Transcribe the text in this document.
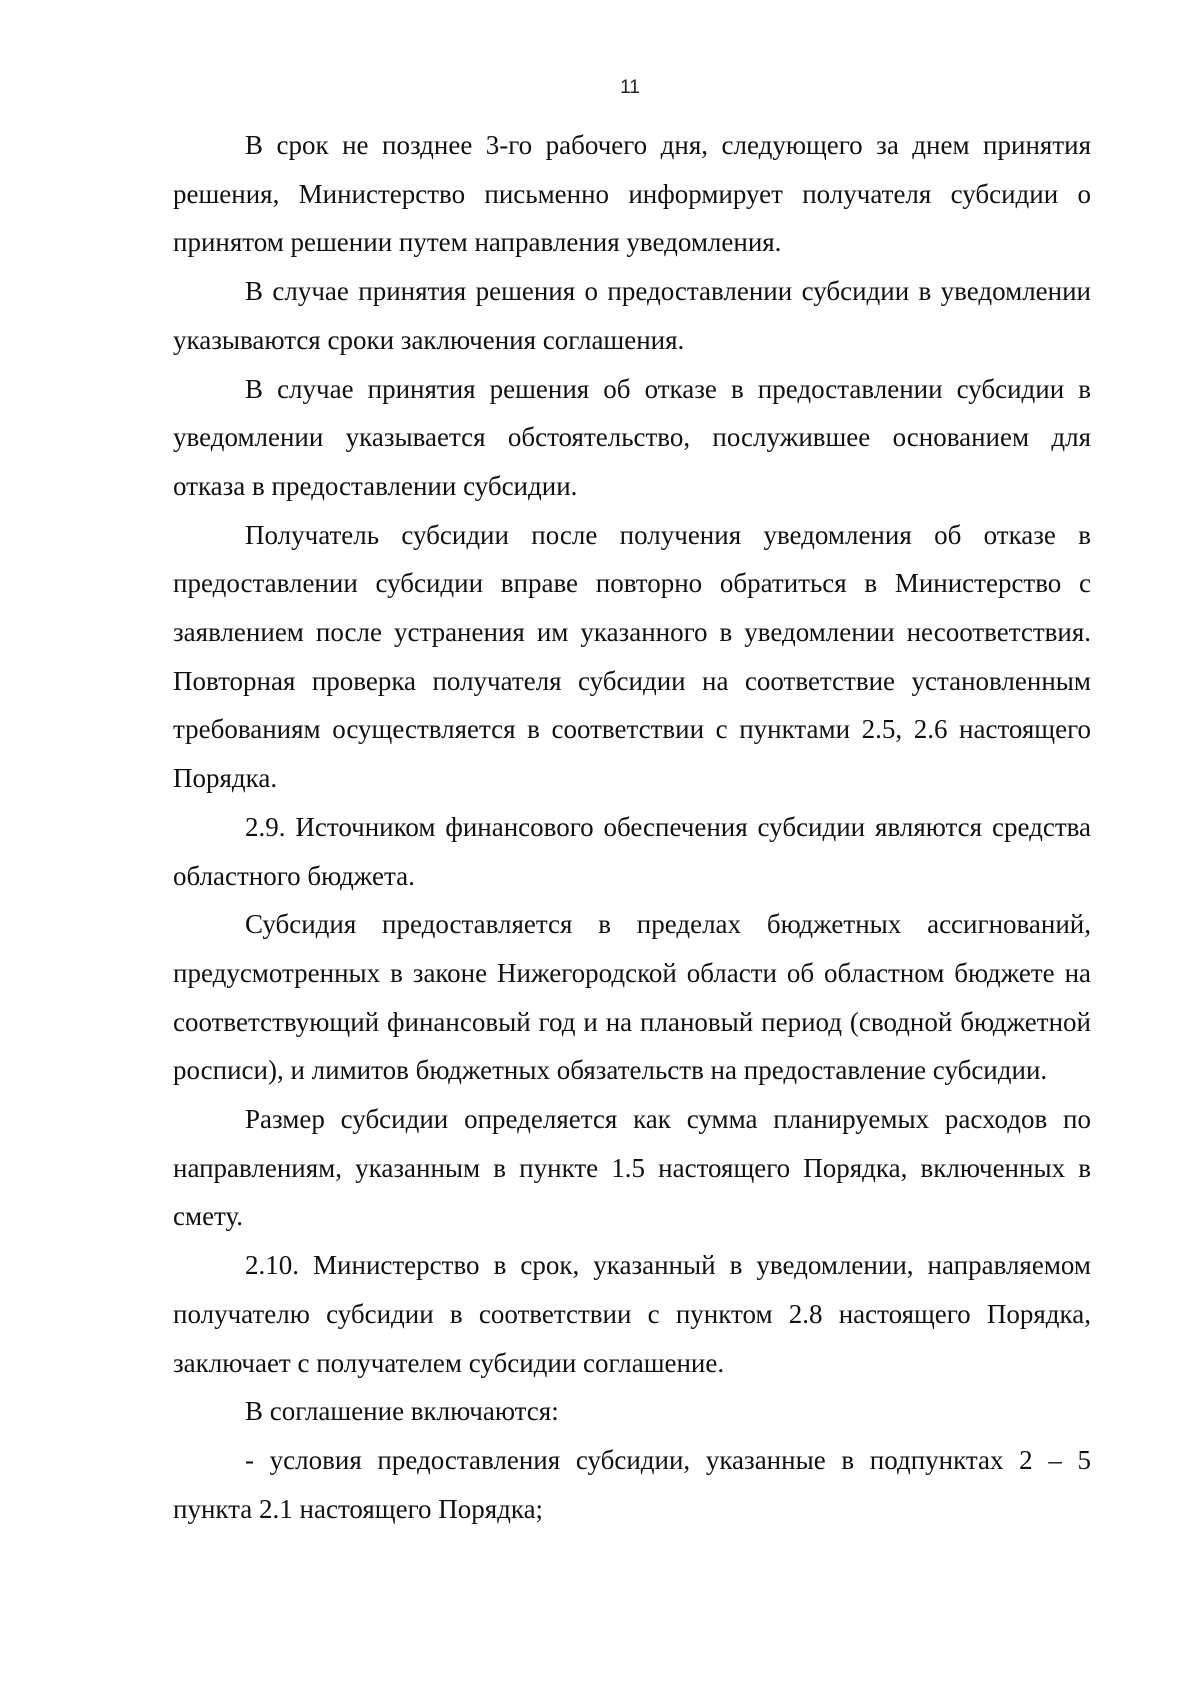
11

В срок не позднее 3-го рабочего дня, следующего за днем принятия решения, Министерство письменно информирует получателя субсидии о принятом решении путем направления уведомления.

В случае принятия решения о предоставлении субсидии в уведомлении указываются сроки заключения соглашения.

В случае принятия решения об отказе в предоставлении субсидии в уведомлении указывается обстоятельство, послужившее основанием для отказа в предоставлении субсидии.

Получатель субсидии после получения уведомления об отказе в предоставлении субсидии вправе повторно обратиться в Министерство с заявлением после устранения им указанного в уведомлении несоответствия. Повторная проверка получателя субсидии на соответствие установленным требованиям осуществляется в соответствии с пунктами 2.5, 2.6 настоящего Порядка.

2.9. Источником финансового обеспечения субсидии являются средства областного бюджета.

Субсидия предоставляется в пределах бюджетных ассигнований, предусмотренных в законе Нижегородской области об областном бюджете на соответствующий финансовый год и на плановый период (сводной бюджетной росписи), и лимитов бюджетных обязательств на предоставление субсидии.

Размер субсидии определяется как сумма планируемых расходов по направлениям, указанным в пункте 1.5 настоящего Порядка, включенных в смету.

2.10. Министерство в срок, указанный в уведомлении, направляемом получателю субсидии в соответствии с пунктом 2.8 настоящего Порядка, заключает с получателем субсидии соглашение.

В соглашение включаются:

- условия предоставления субсидии, указанные в подпунктах 2 – 5 пункта 2.1 настоящего Порядка;
